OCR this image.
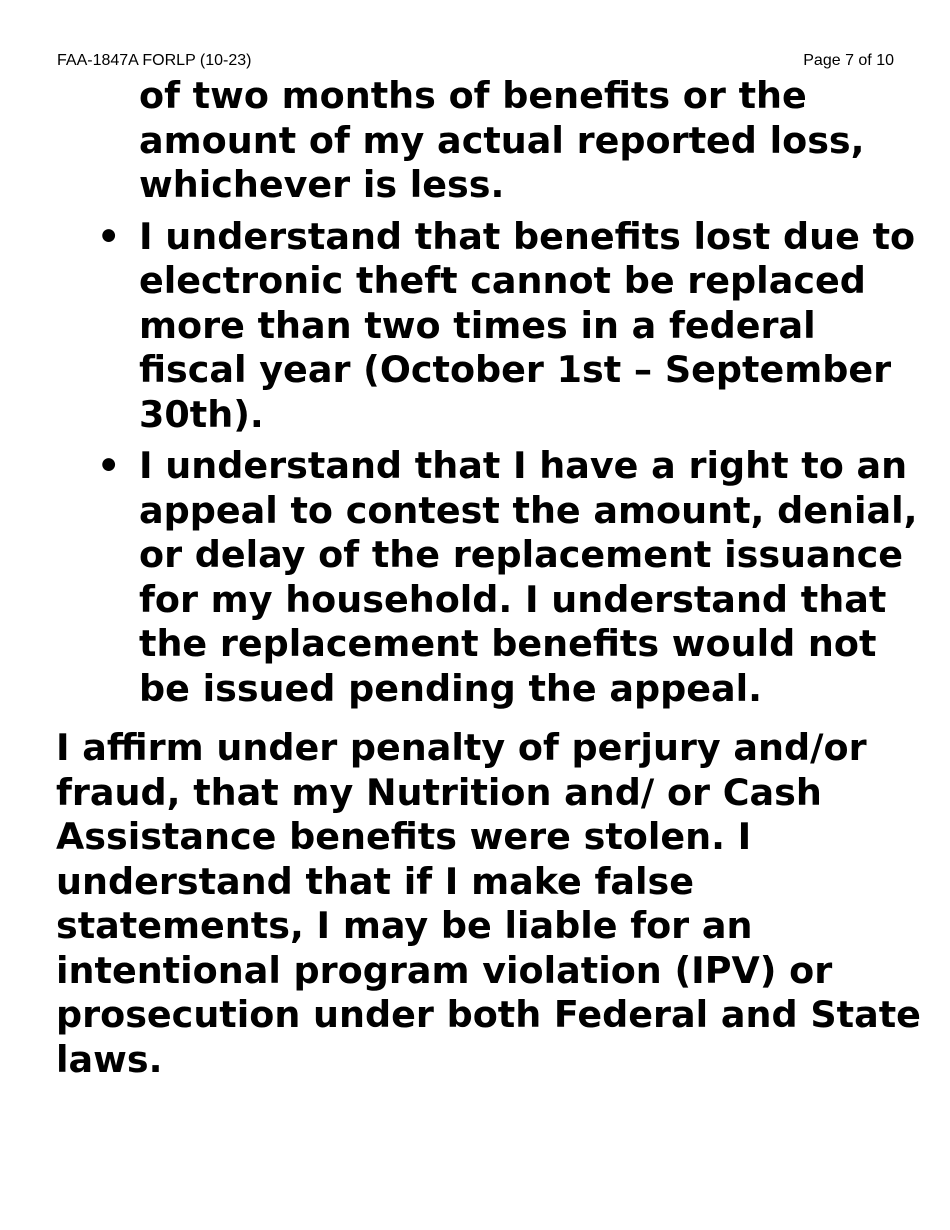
FAA-1847A FORLP (10-23)	Page 7 of 10
of two months of benefits or the amount of my actual reported loss, whichever is less.
• I understand that benefits lost due to electronic theft cannot be replaced more than two times in a federal fiscal year (October 1st – September 30th).
• I understand that I have a right to an appeal to contest the amount, denial, or delay of the replacement issuance for my household. I understand that the replacement benefits would not be issued pending the appeal.
I affirm under penalty of perjury and/or fraud, that my Nutrition and/ or Cash Assistance benefits were stolen. I understand that if I make false statements, I may be liable for an intentional program violation (IPV) or prosecution under both Federal and State laws.
